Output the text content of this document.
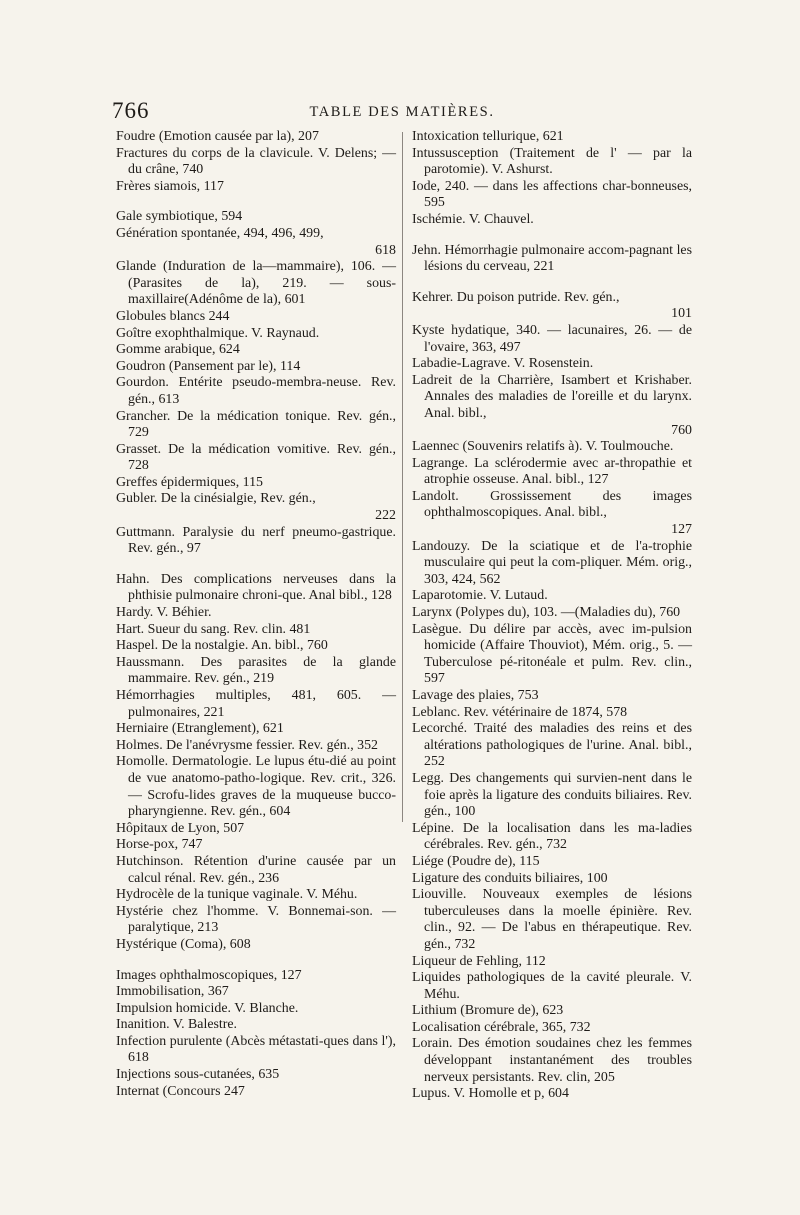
766	TABLE DES MATIÈRES.
Foudre (Emotion causée par la), 207
Fractures du corps de la clavicule. V. Delens; — du crâne, 740
Frères siamois, 117
Gale symbiotique, 594
Génération spontanée, 494, 496, 499,
618
Glande (Induration de la—mammaire), 106. — (Parasites de la), 219. — sous-maxillaire(Adénôme de la), 601
Globules blancs 244
Goître exophthalmique. V. Raynaud.
Gomme arabique, 624
Goudron (Pansement par le), 114
Gourdon. Entérite pseudo-membra-neuse. Rev. gén., 613
Grancher. De la médication tonique. Rev. gén., 729
Grasset. De la médication vomitive. Rev. gén., 728
Greffes épidermiques, 115
Gubler. De la cinésialgie, Rev. gén.,
222
Guttmann. Paralysie du nerf pneumo-gastrique. Rev. gén., 97
Hahn. Des complications nerveuses dans la phthisie pulmonaire chroni-que. Anal bibl., 128
Hardy. V. Béhier.
Hart. Sueur du sang. Rev. clin. 481
Haspel. De la nostalgie. An. bibl., 760
Haussmann. Des parasites de la glande mammaire. Rev. gén., 219
Hémorrhagies multiples, 481, 605. — pulmonaires, 221
Herniaire (Etranglement), 621
Holmes. De l'anévrysme fessier. Rev. gén., 352
Homolle. Dermatologie. Le lupus étu-dié au point de vue anatomo-patho-logique. Rev. crit., 326. — Scrofu-lides graves de la muqueuse bucco-pharyngienne. Rev. gén., 604
Hôpitaux de Lyon, 507
Horse-pox, 747
Hutchinson. Rétention d'urine causée par un calcul rénal. Rev. gén., 236
Hydrocèle de la tunique vaginale. V. Méhu.
Hystérie chez l'homme. V. Bonnemai-son. — paralytique, 213
Hystérique (Coma), 608
Images ophthalmoscopiques, 127
Immobilisation, 367
Impulsion homicide. V. Blanche.
Inanition. V. Balestre.
Infection purulente (Abcès métastati-ques dans l'), 618
Injections sous-cutanées, 635
Internat (Concours 247
Intoxication tellurique, 621
Intussusception (Traitement de l' — par la parotomie). V. Ashurst.
Iode, 240. — dans les affections char-bonneuses, 595
Ischémie. V. Chauvel.
Jehn. Hémorrhagie pulmonaire accom-pagnant les lésions du cerveau, 221
Kehrer. Du poison putride. Rev. gén.,
101
Kyste hydatique, 340. — lacunaires, 26. — de l'ovaire, 363, 497
Labadie-Lagrave. V. Rosenstein.
Ladreit de la Charrière, Isambert et Krishaber. Annales des maladies de l'oreille et du larynx. Anal. bibl.,
760
Laennec (Souvenirs relatifs à). V. Toulmouche.
Lagrange. La sclérodermie avec ar-thropathie et atrophie osseuse. Anal. bibl., 127
Landolt. Grossissement des images ophthalmoscopiques. Anal. bibl.,
127
Landouzy. De la sciatique et de l'a-trophie musculaire qui peut la com-pliquer. Mém. orig., 303, 424, 562
Laparotomie. V. Lutaud.
Larynx (Polypes du), 103. —(Maladies du), 760
Lasègue. Du délire par accès, avec im-pulsion homicide (Affaire Thouviot), Mém. orig., 5. — Tuberculose pé-ritonéale et pulm. Rev. clin., 597
Lavage des plaies, 753
Leblanc. Rev. vétérinaire de 1874, 578
Lecorché. Traité des maladies des reins et des altérations pathologiques de l'urine. Anal. bibl., 252
Legg. Des changements qui survien-nent dans le foie après la ligature des conduits biliaires. Rev. gén., 100
Lépine. De la localisation dans les ma-ladies cérébrales. Rev. gén., 732
Liége (Poudre de), 115
Ligature des conduits biliaires, 100
Liouville. Nouveaux exemples de lésions tuberculeuses dans la moelle épinière. Rev. clin., 92. — De l'abus en thérapeutique. Rev. gén., 732
Liqueur de Fehling, 112
Liquides pathologiques de la cavité pleurale. V. Méhu.
Lithium (Bromure de), 623
Localisation cérébrale, 365, 732
Lorain. Des émotion soudaines chez les femmes développant instantanément des troubles nerveux persistants. Rev. clin, 205
Lupus. V. Homolle et p, 604
